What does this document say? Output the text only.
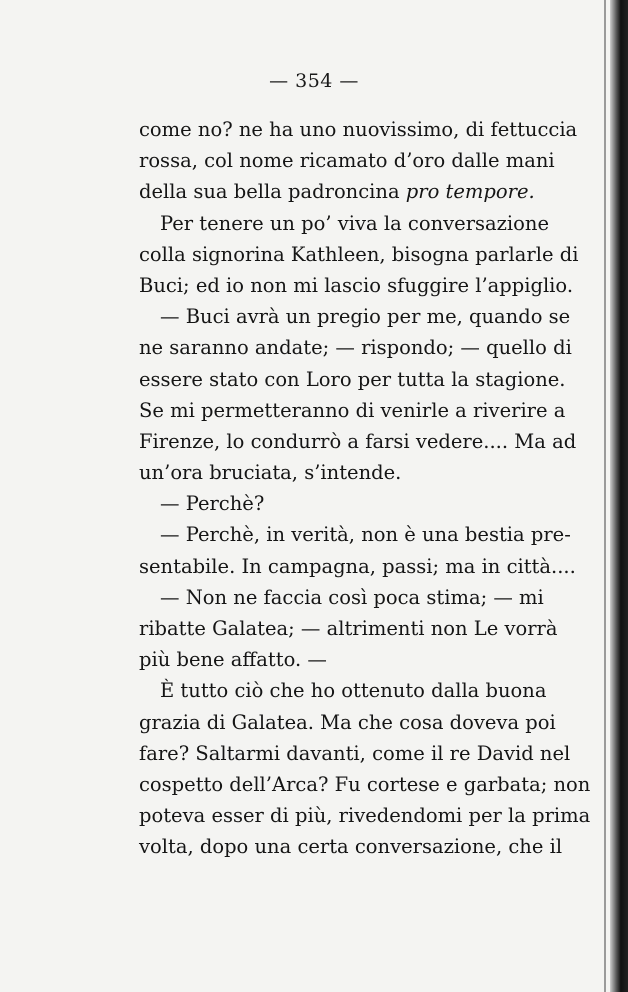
— 354 —
come no? ne ha uno nuovissimo, di fettuccia
rossa, col nome ricamato d’oro dalle mani
della sua bella padroncina pro tempore.
Per tenere un po’ viva la conversazione
colla signorina Kathleen, bisogna parlarle di
Buci; ed io non mi lascio sfuggire l’appiglio.
— Buci avrà un pregio per me, quando se
ne saranno andate; — rispondo; — quello di
essere stato con Loro per tutta la stagione.
Se mi permetteranno di venirle a riverire a
Firenze, lo condurrò a farsi vedere.... Ma ad
un’ora bruciata, s’intende.
— Perchè?
— Perchè, in verità, non è una bestia pre-
sentabile. In campagna, passi; ma in città....
— Non ne faccia così poca stima; — mi
ribatte Galatea; — altrimenti non Le vorrà
più bene affatto. —
È tutto ciò che ho ottenuto dalla buona
grazia di Galatea. Ma che cosa doveva poi
fare? Saltarmi davanti, come il re David nel
cospetto dell’Arca? Fu cortese e garbata; non
poteva esser di più, rivedendomi per la prima
volta, dopo una certa conversazione, che il
